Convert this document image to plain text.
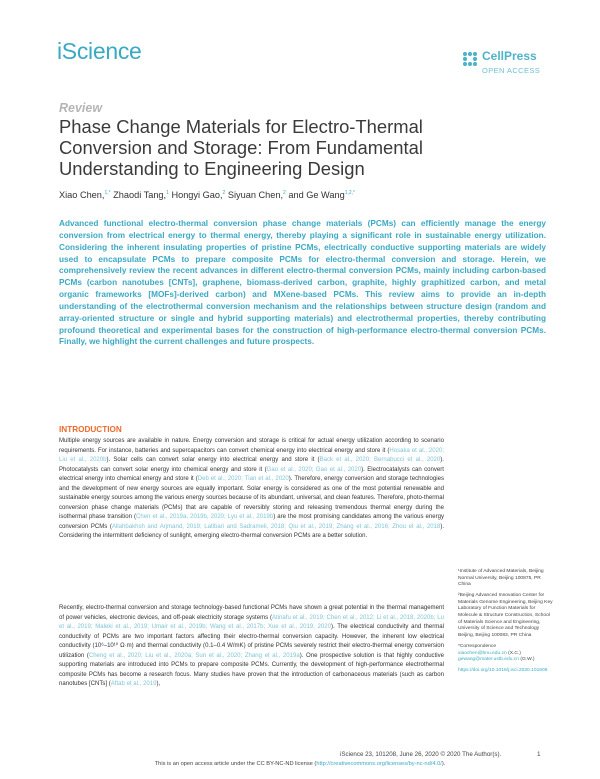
iScience	CellPress
OPEN ACCESS
Review
Phase Change Materials for Electro-Thermal Conversion and Storage: From Fundamental Understanding to Engineering Design
Xiao Chen,$^{1,*}$ Zhaodi Tang,$^1$ Hongyi Gao,$^2$ Siyuan Chen,$^2$ and Ge Wang$^{1,2,*}$
Advanced functional electro-thermal conversion phase change materials (PCMs) can efficiently manage the energy conversion from electrical energy to thermal energy, thereby playing a significant role in sustainable energy utilization. Considering the inherent insulating properties of pristine PCMs, electrically conductive supporting materials are widely used to encapsulate PCMs to prepare composite PCMs for electro-thermal conversion and storage. Herein, we comprehensively review the recent advances in different electro-thermal conversion PCMs, mainly including carbon-based PCMs (carbon nanotubes [CNTs], graphene, biomass-derived carbon, graphite, highly graphitized carbon, and metal organic frameworks [MOFs]-derived carbon) and MXene-based PCMs. This review aims to provide an in-depth understanding of the electrothermal conversion mechanism and the relationships between structure design (random and array-oriented structure or single and hybrid supporting materials) and electrothermal properties, thereby contributing profound theoretical and experimental bases for the construction of high-performance electro-thermal conversion PCMs. Finally, we highlight the current challenges and future prospects.
INTRODUCTION
Multiple energy sources are available in nature. Energy conversion and storage is critical for actual energy utilization according to scenario requirements. For instance, batteries and supercapacitors can convert chemical energy into electrical energy and store it (Hosaka et al., 2020; Liu et al., 2020b). Solar cells can convert solar energy into electrical energy and store it (Back et al., 2020; Bernabucci et al., 2020). Photocatalysts can convert solar energy into chemical energy and store it (Gao et al., 2020; Gao et al., 2020). Electrocatalysts can convert electrical energy into chemical energy and store it (Deb et al., 2020; Tian et al., 2020). Therefore, energy conversion and storage technologies and the development of new energy sources are equally important. Solar energy is considered as one of the most potential renewable and sustainable energy sources among the various energy sources because of its abundant, universal, and clean features. Therefore, photo-thermal conversion phase change materials (PCMs) that are capable of reversibly storing and releasing tremendous thermal energy during the isothermal phase transition (Chen et al., 2019a, 2019b, 2020; Lyu et al., 2019b) are the most promising candidates among the various energy conversion PCMs (Allahbakhsh and Arjmand, 2019; Latibari and Sadrameli, 2018; Qiu et al., 2019; Zhang et al., 2016; Zhou et al., 2018). Considering the intermittent deficiency of sunlight, emerging electro-thermal conversion PCMs are a better solution.
Recently, electro-thermal conversion and storage technology-based functional PCMs have shown a great potential in the thermal management of power vehicles, electronic devices, and off-peak electricity storage systems (Atinafu et al., 2019; Chen et al., 2012; Li et al., 2018, 2020b; Lu et al., 2019; Maleki et al., 2019; Umair et al., 2019b; Wang et al., 2017b; Xue et al., 2019, 2020). The electrical conductivity and thermal conductivity of PCMs are two important factors affecting their electro-thermal conversion capacity. However, the inherent low electrical conductivity (10⁶–10¹⁰ Ω·m) and thermal conductivity (0.1–0.4 W/mK) of pristine PCMs severely restrict their electro-thermal energy conversion utilization (Cheng et al., 2020; Liu et al., 2020a; Sun et al., 2020; Zhang et al., 2019a). One prospective solution is that highly conductive supporting materials are introduced into PCMs to prepare composite PCMs. Currently, the development of high-performance electrothermal composite PCMs has become a research focus. Many studies have proven that the introduction of carbonaceous materials (such as carbon nanotubes [CNTs] (Aftab et al., 2019),
¹Institute of Advanced Materials, Beijing Normal University, Beijing 100875, PR China
²Beijing Advanced Innovation Center for Materials Genome Engineering, Beijing Key Laboratory of Function Materials for Molecule & Structure Construction, School of Materials Science and Engineering, University of Science and Technology Beijing, Beijing 100083, PR China
*Correspondence
xiaochen@bnu.edu.cn (X.C.)
gewang@mater.ustb.edu.cn (G.W.)
https://doi.org/10.1016/j.isci.2020.101606
iScience 23, 101208, June 26, 2020 © 2020 The Author(s).	1
This is an open access article under the CC BY-NC-ND license (http://creativecommons.org/licenses/by-nc-nd/4.0/).
